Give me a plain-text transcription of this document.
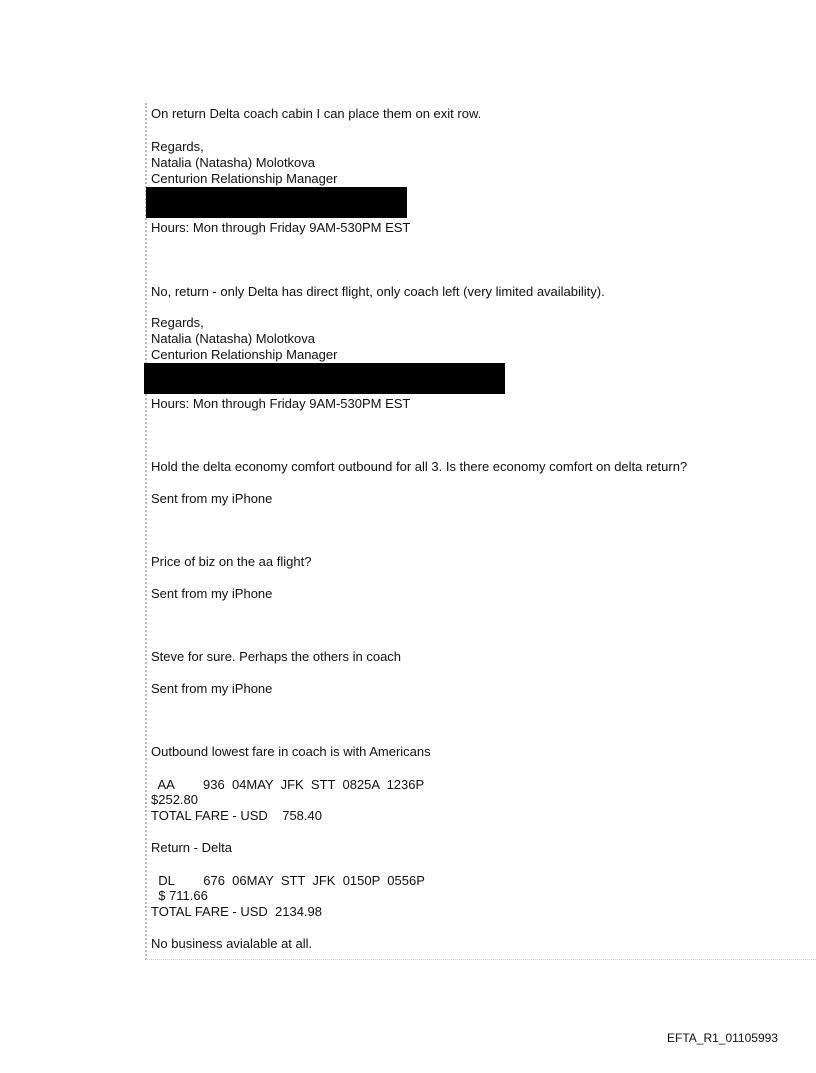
On return Delta coach cabin I can place them on exit row.
Regards,
Natalia (Natasha) Molotkova
Centurion Relationship Manager
Hours: Mon through Friday 9AM-530PM EST
No, return - only Delta has direct flight, only coach left (very limited availability).
Regards,
Natalia (Natasha) Molotkova
Centurion Relationship Manager
Hours: Mon through Friday 9AM-530PM EST
Hold the delta economy comfort outbound for all 3. Is there economy comfort on delta return?
Sent from my iPhone
Price of biz on the aa flight?
Sent from my iPhone
Steve for sure. Perhaps the others in coach
Sent from my iPhone
Outbound lowest fare in coach is with Americans
AA        936  04MAY  JFK  STT  0825A  1236P
$252.80
TOTAL FARE - USD    758.40
Return - Delta
DL        676  06MAY  STT  JFK  0150P  0556P
$ 711.66
TOTAL FARE - USD  2134.98
No business avialable at all.
EFTA_R1_01105993
